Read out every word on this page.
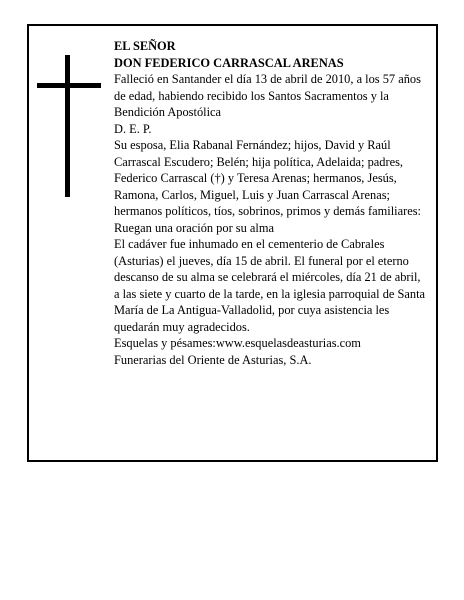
EL SEÑOR

DON FEDERICO CARRASCAL ARENAS

Falleció en Santander el día 13 de abril de 2010, a los 57 años de edad, habiendo recibido los Santos Sacramentos y la Bendición Apostólica

D. E. P.

Su esposa, Elia Rabanal Fernández; hijos, David y Raúl Carrascal Escudero; Belén; hija política, Adelaida; padres, Federico Carrascal (†) y Teresa Arenas; hermanos, Jesús, Ramona, Carlos, Miguel, Luis y Juan Carrascal Arenas; hermanos políticos, tíos, sobrinos, primos y demás familiares:

Ruegan una oración por su alma

El cadáver fue inhumado en el cementerio de Cabrales (Asturias) el jueves, día 15 de abril. El funeral por el eterno descanso de su alma se celebrará el miércoles, día 21 de abril, a las siete y cuarto de la tarde, en la iglesia parroquial de Santa María de La Antigua-Valladolid, por cuya asistencia les quedarán muy agradecidos.

Esquelas y pésames:www.esquelasdeasturias.com

Funerarias del Oriente de Asturias, S.A.
